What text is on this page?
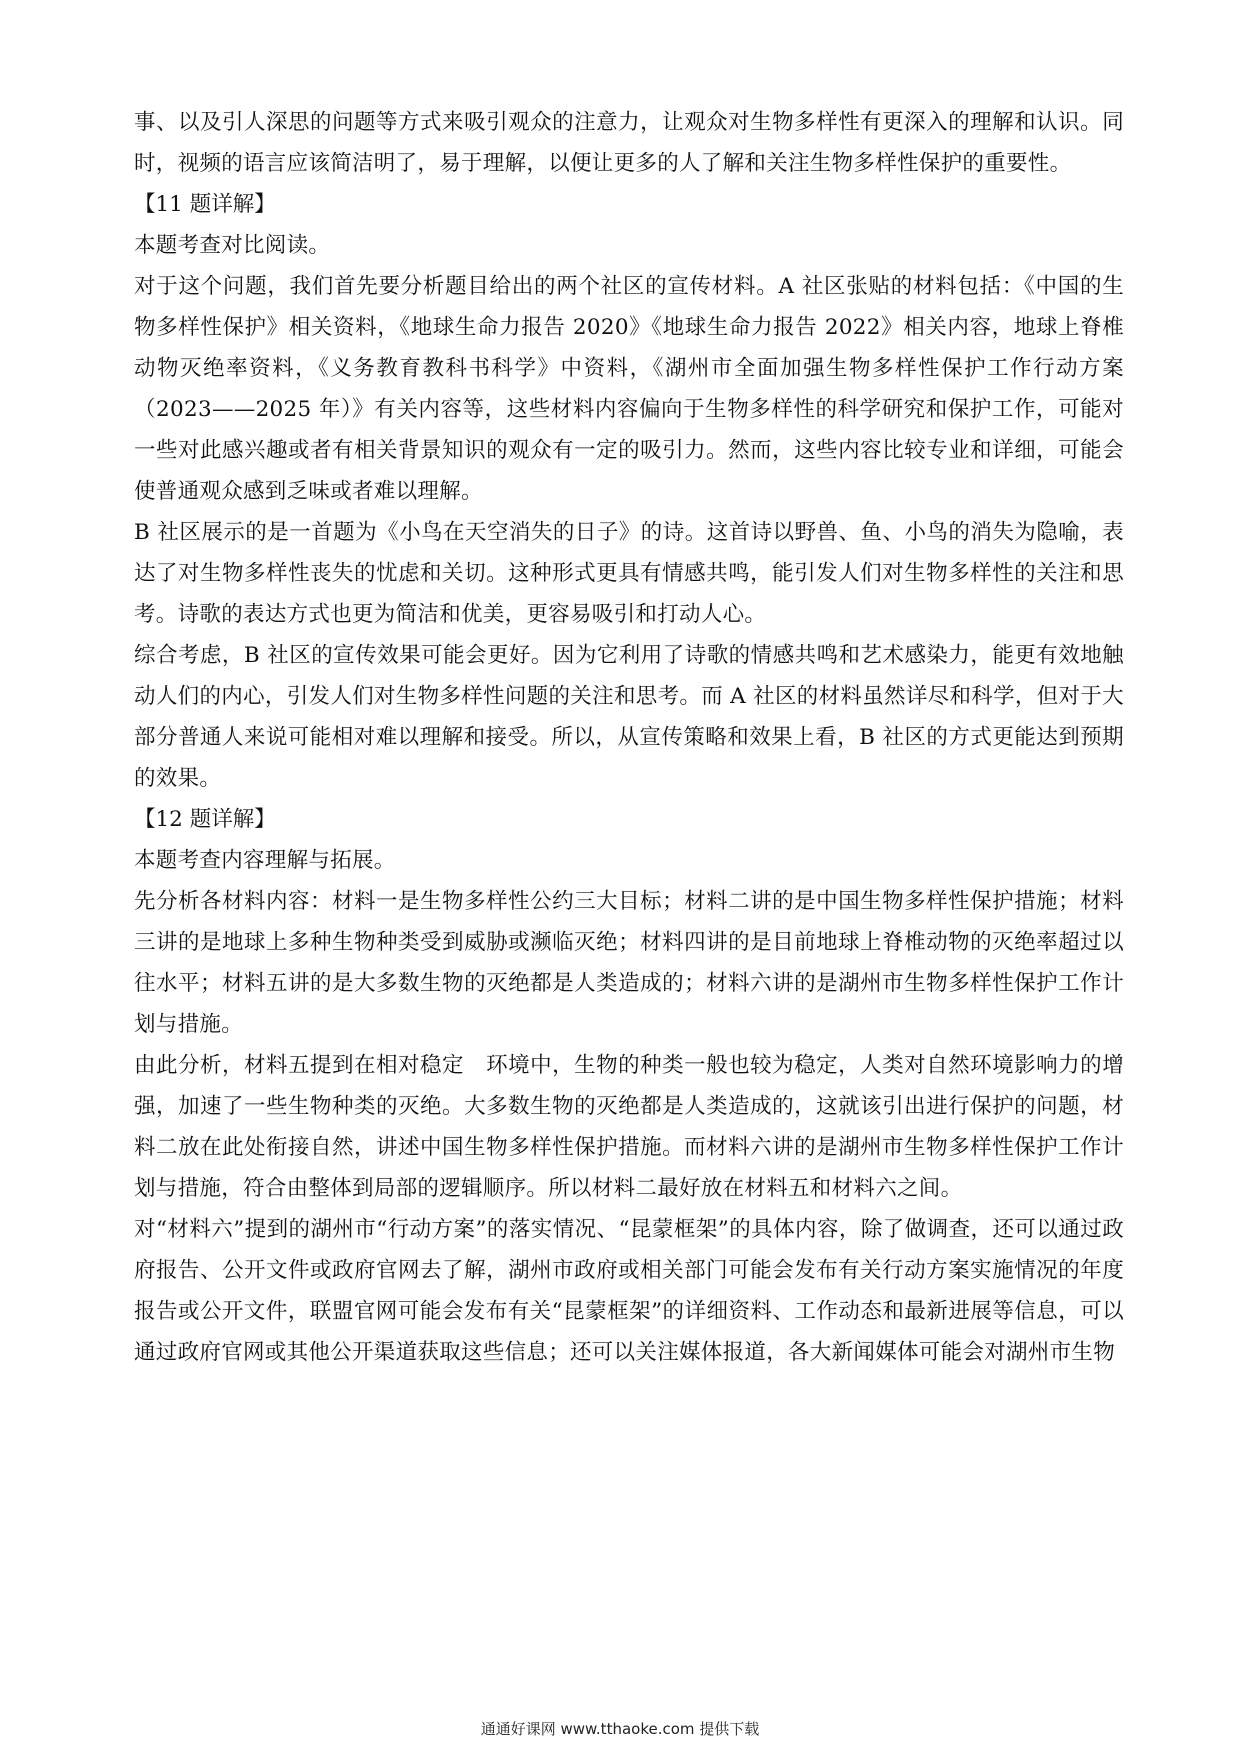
事、以及引人深思的问题等方式来吸引观众的注意力，让观众对生物多样性有更深入的理解和认识。同时，视频的语言应该简洁明了，易于理解，以便让更多的人了解和关注生物多样性保护的重要性。

【11 题详解】

本题考查对比阅读。

对于这个问题，我们首先要分析题目给出的两个社区的宣传材料。A 社区张贴的材料包括：《中国的生物多样性保护》相关资料，《地球生命力报告 2020》《地球生命力报告 2022》相关内容，地球上脊椎动物灭绝率资料，《义务教育教科书科学》中资料，《湖州市全面加强生物多样性保护工作行动方案（2023——2025 年）》有关内容等，这些材料内容偏向于生物多样性的科学研究和保护工作，可能对一些对此感兴趣或者有相关背景知识的观众有一定的吸引力。然而，这些内容比较专业和详细，可能会使普通观众感到乏味或者难以理解。

B 社区展示的是一首题为《小鸟在天空消失的日子》的诗。这首诗以野兽、鱼、小鸟的消失为隐喻，表达了对生物多样性丧失的忧虑和关切。这种形式更具有情感共鸣，能引发人们对生物多样性的关注和思考。诗歌的表达方式也更为简洁和优美，更容易吸引和打动人心。

综合考虑，B 社区的宣传效果可能会更好。因为它利用了诗歌的情感共鸣和艺术感染力，能更有效地触动人们的内心，引发人们对生物多样性问题的关注和思考。而 A 社区的材料虽然详尽和科学，但对于大部分普通人来说可能相对难以理解和接受。所以，从宣传策略和效果上看，B 社区的方式更能达到预期的效果。

【12 题详解】

本题考查内容理解与拓展。

先分析各材料内容：材料一是生物多样性公约三大目标；材料二讲的是中国生物多样性保护措施；材料三讲的是地球上多种生物种类受到威胁或濒临灭绝；材料四讲的是目前地球上脊椎动物的灭绝率超过以往水平；材料五讲的是大多数生物的灭绝都是人类造成的；材料六讲的是湖州市生物多样性保护工作计划与措施。

由此分析，材料五提到在相对稳定　环境中，生物的种类一般也较为稳定，人类对自然环境影响力的增强，加速了一些生物种类的灭绝。大多数生物的灭绝都是人类造成的，这就该引出进行保护的问题，材料二放在此处衔接自然，讲述中国生物多样性保护措施。而材料六讲的是湖州市生物多样性保护工作计划与措施，符合由整体到局部的逻辑顺序。所以材料二最好放在材料五和材料六之间。

对“材料六”提到的湖州市“行动方案”的落实情况、“昆蒙框架”的具体内容，除了做调查，还可以通过政府报告、公开文件或政府官网去了解，湖州市政府或相关部门可能会发布有关行动方案实施情况的年度报告或公开文件，联盟官网可能会发布有关“昆蒙框架”的详细资料、工作动态和最新进展等信息，可以通过政府官网或其他公开渠道获取这些信息；还可以关注媒体报道，各大新闻媒体可能会对湖州市生物

通通好课网 www.tthaoke.com 提供下载
